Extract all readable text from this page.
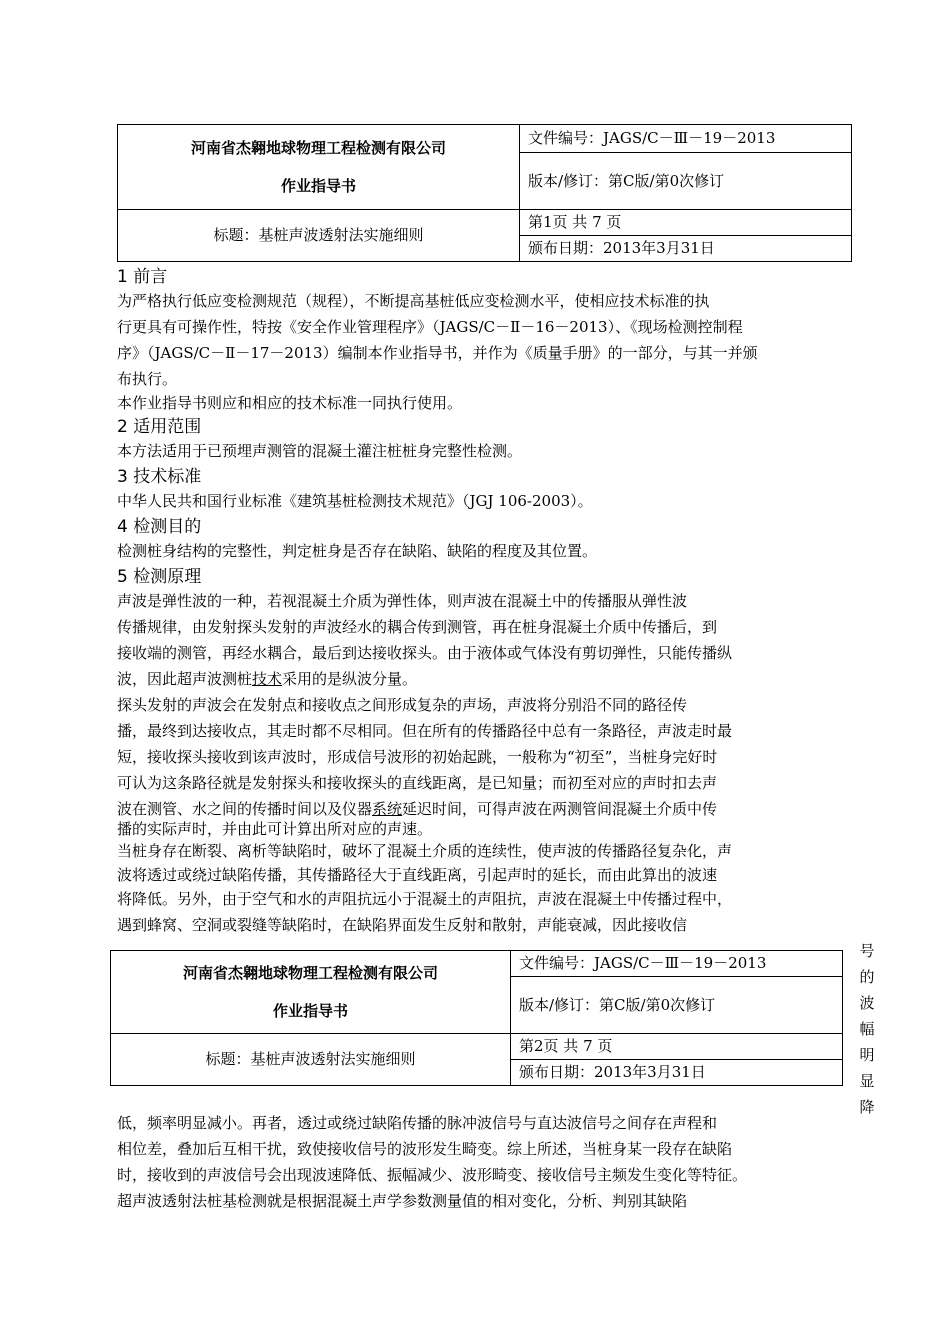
河南省杰翱地球物理工程检测有限公司
作业指导书	文件编号：JAGS/C－Ⅲ－19－2013
	版本/修订：第C版/第0次修订
标题：基桩声波透射法实施细则	第1页 共 7 页
	颁布日期：2013年3月31日
1 前言
为严格执行低应变检测规范（规程），不断提高基桩低应变检测水平，使相应技术标准的执
行更具有可操作性，特按《安全作业管理程序》（JAGS/C－Ⅱ－16－2013）、《现场检测控制程
序》（JAGS/C－Ⅱ－17－2013）编制本作业指导书，并作为《质量手册》的一部分，与其一并颁
布执行。
本作业指导书则应和相应的技术标准一同执行使用。
2 适用范围
本方法适用于已预埋声测管的混凝土灌注桩桩身完整性检测。
3 技术标准
中华人民共和国行业标准《建筑基桩检测技术规范》（JGJ 106-2003）。
4 检测目的
检测桩身结构的完整性，判定桩身是否存在缺陷、缺陷的程度及其位置。
5 检测原理
声波是弹性波的一种，若视混凝土介质为弹性体，则声波在混凝土中的传播服从弹性波
传播规律，由发射探头发射的声波经水的耦合传到测管，再在桩身混凝土介质中传播后，到
接收端的测管，再经水耦合，最后到达接收探头。由于液体或气体没有剪切弹性，只能传播纵
波，因此超声波测桩技术采用的是纵波分量。
探头发射的声波会在发射点和接收点之间形成复杂的声场，声波将分别沿不同的路径传
播，最终到达接收点，其走时都不尽相同。但在所有的传播路径中总有一条路径，声波走时最
短，接收探头接收到该声波时，形成信号波形的初始起跳，一般称为“初至”，当桩身完好时
可认为这条路径就是发射探头和接收探头的直线距离，是已知量；而初至对应的声时扣去声
波在测管、水之间的传播时间以及仪器系统延迟时间，可得声波在两测管间混凝土介质中传
播的实际声时，并由此可计算出所对应的声速。
当桩身存在断裂、离析等缺陷时，破坏了混凝土介质的连续性，使声波的传播路径复杂化，声
波将透过或绕过缺陷传播，其传播路径大于直线距离，引起声时的延长，而由此算出的波速
将降低。另外，由于空气和水的声阻抗远小于混凝土的声阻抗，声波在混凝土中传播过程中，
遇到蜂窝、空洞或裂缝等缺陷时，在缺陷界面发生反射和散射，声能衰减，因此接收信
号的波幅明显降
河南省杰翱地球物理工程检测有限公司
作业指导书	文件编号：JAGS/C－Ⅲ－19－2013
	版本/修订：第C版/第0次修订
标题：基桩声波透射法实施细则	第2页 共 7 页
	颁布日期：2013年3月31日
低，频率明显减小。再者，透过或绕过缺陷传播的脉冲波信号与直达波信号之间存在声程和
相位差，叠加后互相干扰，致使接收信号的波形发生畸变。综上所述，当桩身某一段存在缺陷
时，接收到的声波信号会出现波速降低、振幅减少、波形畸变、接收信号主频发生变化等特征。
超声波透射法桩基检测就是根据混凝土声学参数测量值的相对变化，分析、判别其缺陷
